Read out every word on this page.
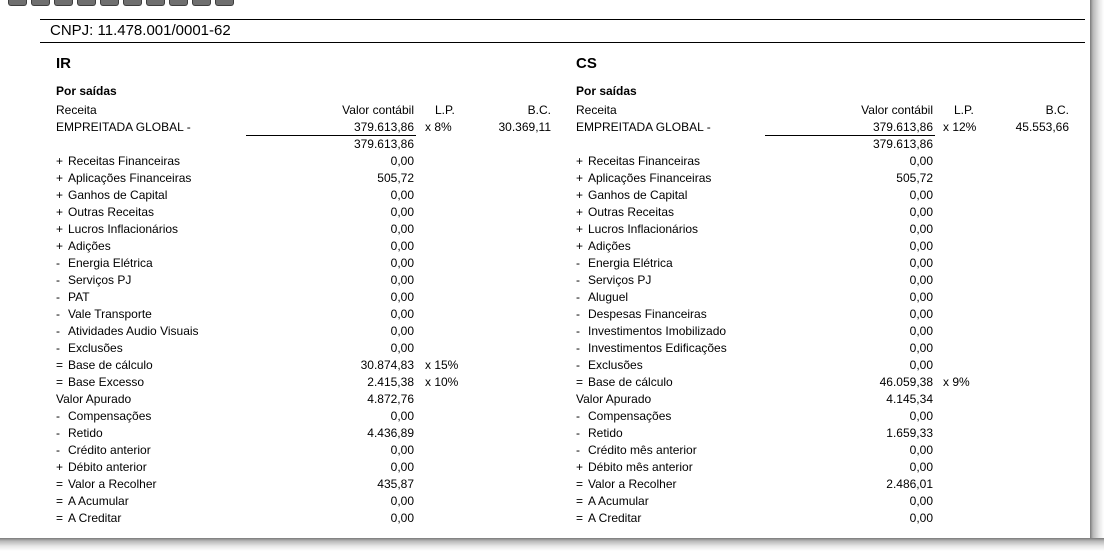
CNPJ: 11.478.001/0001-62
IR
Por saídas
Receita	Valor contábil L.P.	B.C.
EMPREITADA GLOBAL -	379.613,86 x 8%	30.369,11
379.613,86
+ Receitas Financeiras	0,00
+ Aplicações Financeiras	505,72
+ Ganhos de Capital	0,00
+ Outras Receitas	0,00
+ Lucros Inflacionários	0,00
+ Adições	0,00
- Energia Elétrica	0,00
- Serviços PJ	0,00
- PAT	0,00
- Vale Transporte	0,00
- Atividades Audio Visuais	0,00
- Exclusões	0,00
= Base de cálculo	30.874,83 x 15%
= Base Excesso	2.415,38 x 10%
Valor Apurado	4.872,76
- Compensações	0,00
- Retido	4.436,89
- Crédito anterior	0,00
+ Débito anterior	0,00
= Valor a Recolher	435,87
= A Acumular	0,00
= A Creditar	0,00
CS
Por saídas
Receita	Valor contábil L.P.	B.C.
EMPREITADA GLOBAL -	379.613,86 x 12%	45.553,66
379.613,86
+ Receitas Financeiras	0,00
+ Aplicações Financeiras	505,72
+ Ganhos de Capital	0,00
+ Outras Receitas	0,00
+ Lucros Inflacionários	0,00
+ Adições	0,00
- Energia Elétrica	0,00
- Serviços PJ	0,00
- Aluguel	0,00
- Despesas Financeiras	0,00
- Investimentos Imobilizado	0,00
- Investimentos Edificações	0,00
- Exclusões	0,00
= Base de cálculo	46.059,38 x 9%
Valor Apurado	4.145,34
- Compensações	0,00
- Retido	1.659,33
- Crédito mês anterior	0,00
+ Débito mês anterior	0,00
= Valor a Recolher	2.486,01
= A Acumular	0,00
= A Creditar	0,00
